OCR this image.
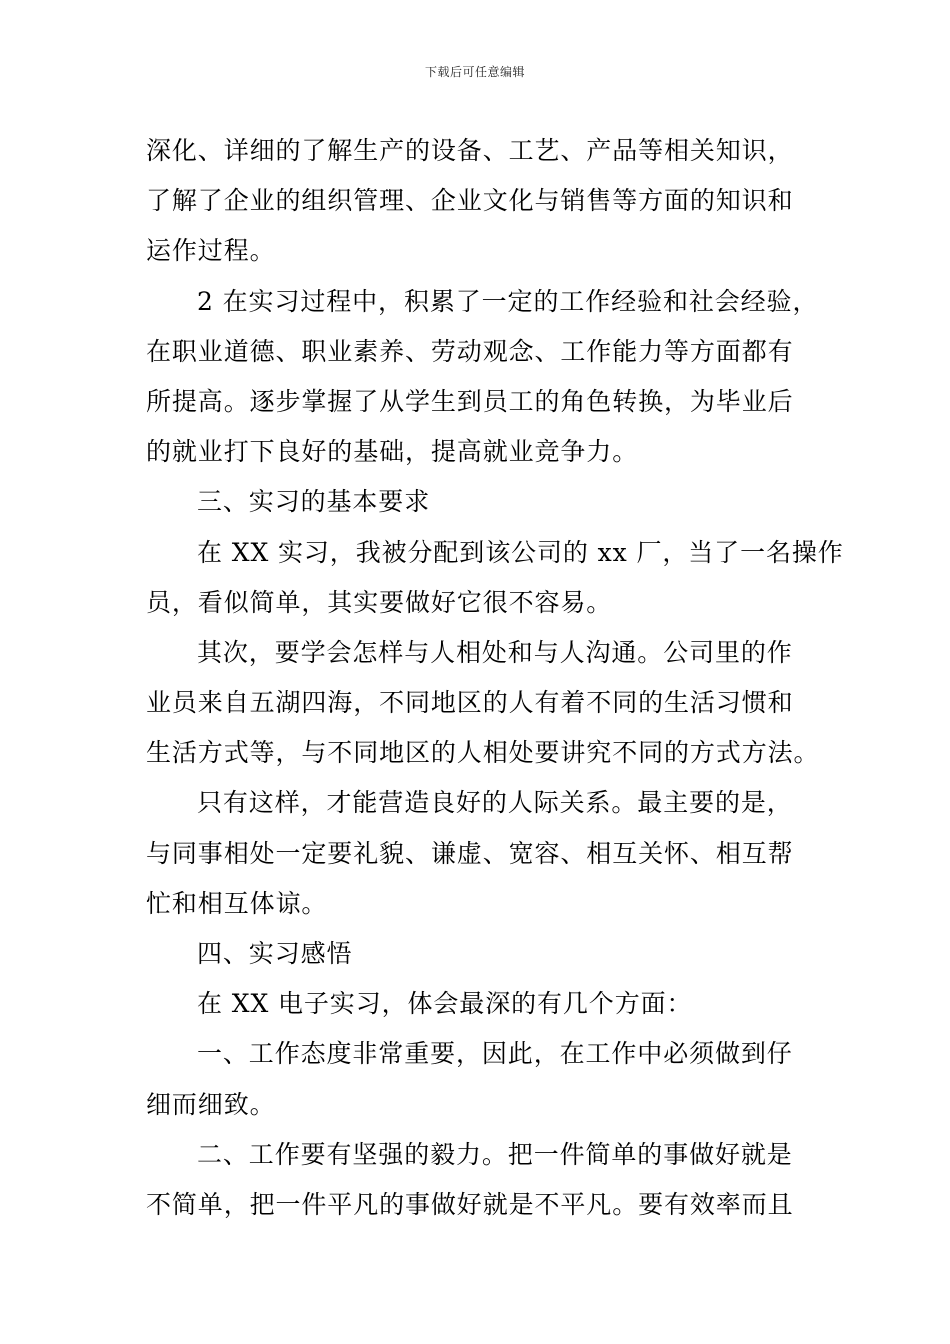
下载后可任意编辑

深化、详细的了解生产的设备、工艺、产品等相关知识，
了解了企业的组织管理、企业文化与销售等方面的知识和
运作过程。

2 在实习过程中，积累了一定的工作经验和社会经验，
在职业道德、职业素养、劳动观念、工作能力等方面都有
所提高。逐步掌握了从学生到员工的角色转换，为毕业后
的就业打下良好的基础，提高就业竞争力。

三、实习的基本要求

在 XX 实习，我被分配到该公司的 xx 厂，当了一名操作
员，看似简单，其实要做好它很不容易。

其次，要学会怎样与人相处和与人沟通。公司里的作
业员来自五湖四海，不同地区的人有着不同的生活习惯和
生活方式等，与不同地区的人相处要讲究不同的方式方法。

只有这样，才能营造良好的人际关系。最主要的是，
与同事相处一定要礼貌、谦虚、宽容、相互关怀、相互帮
忙和相互体谅。

四、实习感悟

在 XX 电子实习，体会最深的有几个方面：

一、工作态度非常重要，因此，在工作中必须做到仔
细而细致。

二、工作要有坚强的毅力。把一件简单的事做好就是
不简单，把一件平凡的事做好就是不平凡。要有效率而且
